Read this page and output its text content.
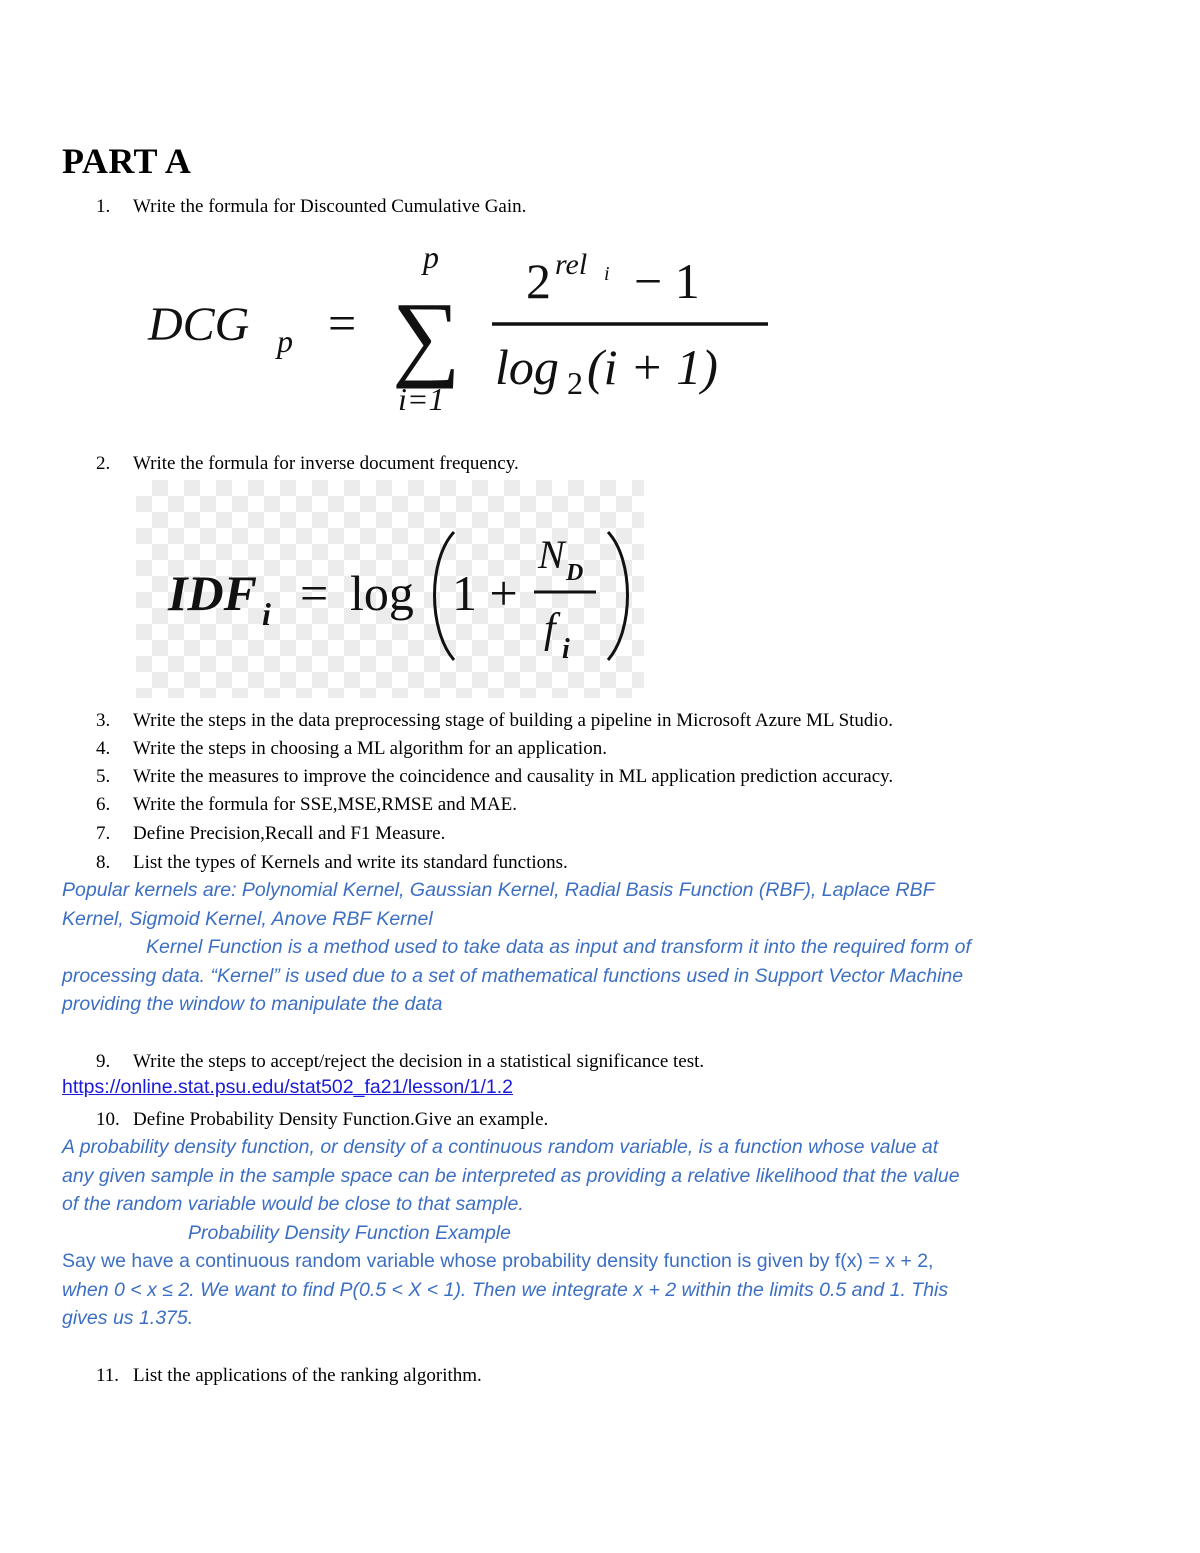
PART A
1.	Write the formula for Discounted Cumulative Gain.
DCG p =
p
∑
i=1
2 rel i − 1
log 2 (i + 1)
2.	Write the formula for inverse document frequency.
IDF i = log 1 +
N D
f i
3.	Write the steps in the data preprocessing stage of building a pipeline in Microsoft Azure ML Studio.
4.	Write the steps in choosing a ML algorithm for an application.
5.	Write the measures to improve the coincidence and causality in ML application prediction accuracy.
6.	Write the formula for SSE,MSE,RMSE and MAE.
7.	Define Precision,Recall and F1 Measure.
8.	List the types of Kernels and write its standard functions.
Popular kernels are: Polynomial Kernel, Gaussian Kernel, Radial Basis Function (RBF), Laplace RBF
Kernel, Sigmoid Kernel, Anove RBF Kernel
Kernel Function is a method used to take data as input and transform it into the required form of
processing data. “Kernel” is used due to a set of mathematical functions used in Support Vector Machine
providing the window to manipulate the data
9.	Write the steps to accept/reject the decision in a statistical significance test.
https://online.stat.psu.edu/stat502_fa21/lesson/1/1.2
10. Define Probability Density Function.Give an example.
A probability density function, or density of a continuous random variable, is a function whose value at
any given sample in the sample space can be interpreted as providing a relative likelihood that the value
of the random variable would be close to that sample.
Probability Density Function Example
Say we have a continuous random variable whose probability density function is given by f(x) = x + 2,
when 0 < x ≤ 2. We want to find P(0.5 < X < 1). Then we integrate x + 2 within the limits 0.5 and 1. This
gives us 1.375.
11. List the applications of the ranking algorithm.
